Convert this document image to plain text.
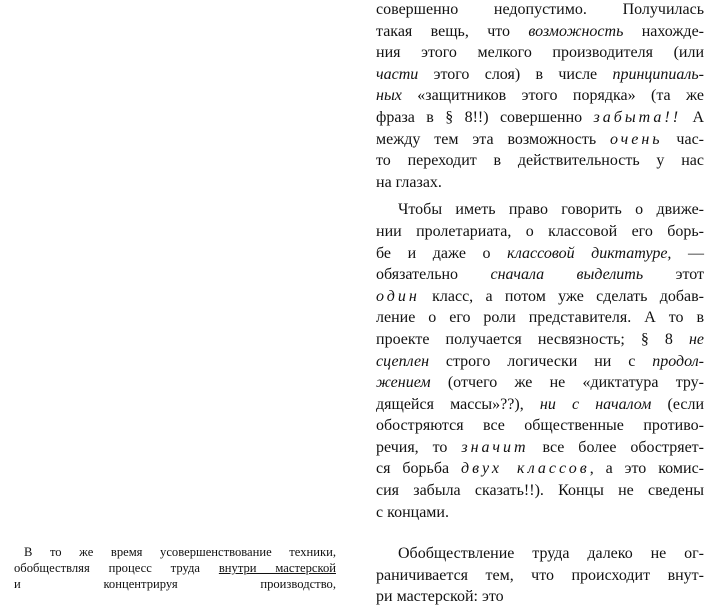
совершенно недопустимо. Получилась
такая вещь, что возможность нахожде-
ния этого мелкого производителя (или
части этого слоя) в числе принципиаль-
ных «защитников этого порядка» (та же
фраза в § 8!!) совершенно забыта!! А
между тем эта возможность очень час-
то переходит в действительность у нас
на глазах.

Чтобы иметь право говорить о движе-
нии пролетариата, о классовой его борь-
бе и даже о классовой диктатуре, —
обязательно сначала выделить этот
один класс, а потом уже сделать добав-
ление о его роли представителя. А то в
проекте получается несвязность; § 8 не
сцеплен строго логически ни с продол-
жением (отчего же не «диктатура тру-
дящейся массы»??), ни с началом (если
обостряются все общественные противо-
речия, то значит все более обостряет-
ся борьба двух классов, а это комис-
сия забыла сказать!!). Концы не сведены
с концами.

Обобществление труда далеко не ог-
раничивается тем, что происходит внут-
ри мастерской: это

В то же время усовершенствование техники,
обобществляя процесс труда внутри мастерской
и концентрируя производство,
